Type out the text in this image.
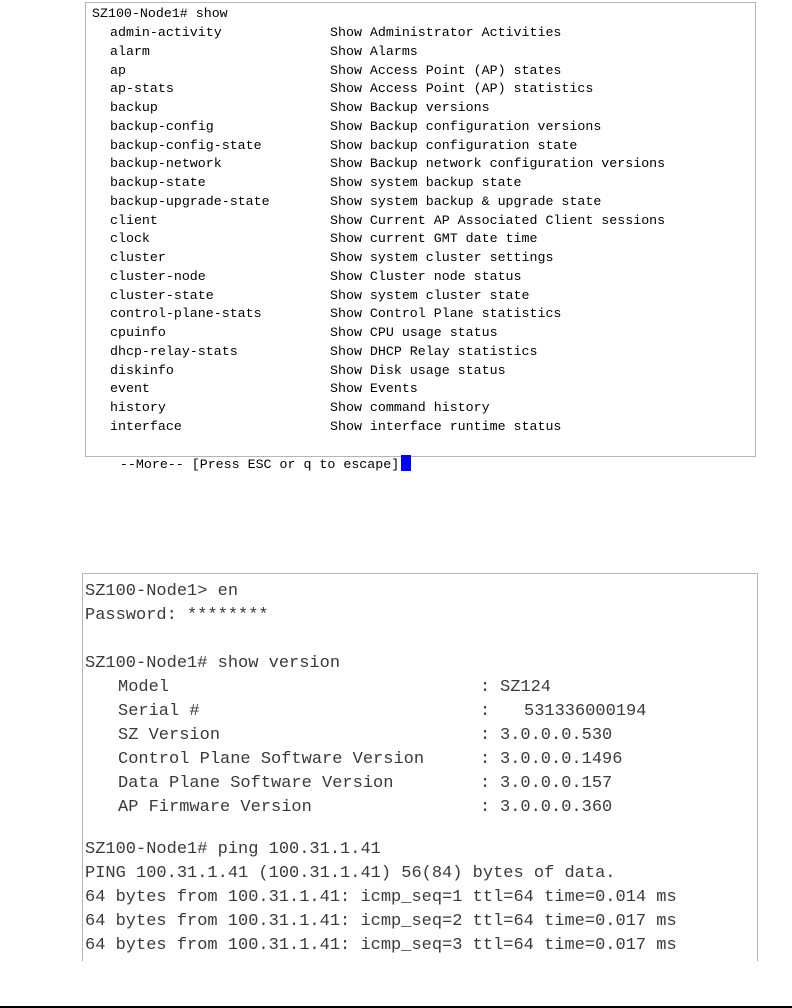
SZ100-Node1# show
admin-activity	Show Administrator Activities
alarm	Show Alarms
ap	Show Access Point (AP) states
ap-stats	Show Access Point (AP) statistics
backup	Show Backup versions
backup-config	Show Backup configuration versions
backup-config-state	Show backup configuration state
backup-network	Show Backup network configuration versions
backup-state	Show system backup state
backup-upgrade-state	Show system backup & upgrade state
client	Show Current AP Associated Client sessions
clock	Show current GMT date time
cluster	Show system cluster settings
cluster-node	Show Cluster node status
cluster-state	Show system cluster state
control-plane-stats	Show Control Plane statistics
cpuinfo	Show CPU usage status
dhcp-relay-stats	Show DHCP Relay statistics
diskinfo	Show Disk usage status
event	Show Events
history	Show command history
interface	Show interface runtime status

--More-- [Press ESC or q to escape]

SZ100-Node1> en
Password: ********
SZ100-Node1# show version
Model	: SZ124
Serial #	: 531336000194
SZ Version	: 3.0.0.0.530
Control Plane Software Version	: 3.0.0.0.1496
Data Plane Software Version	: 3.0.0.0.157
AP Firmware Version	: 3.0.0.0.360
SZ100-Node1# ping 100.31.1.41
PING 100.31.1.41 (100.31.1.41) 56(84) bytes of data.
64 bytes from 100.31.1.41: icmp_seq=1 ttl=64 time=0.014 ms
64 bytes from 100.31.1.41: icmp_seq=2 ttl=64 time=0.017 ms
64 bytes from 100.31.1.41: icmp_seq=3 ttl=64 time=0.017 ms
